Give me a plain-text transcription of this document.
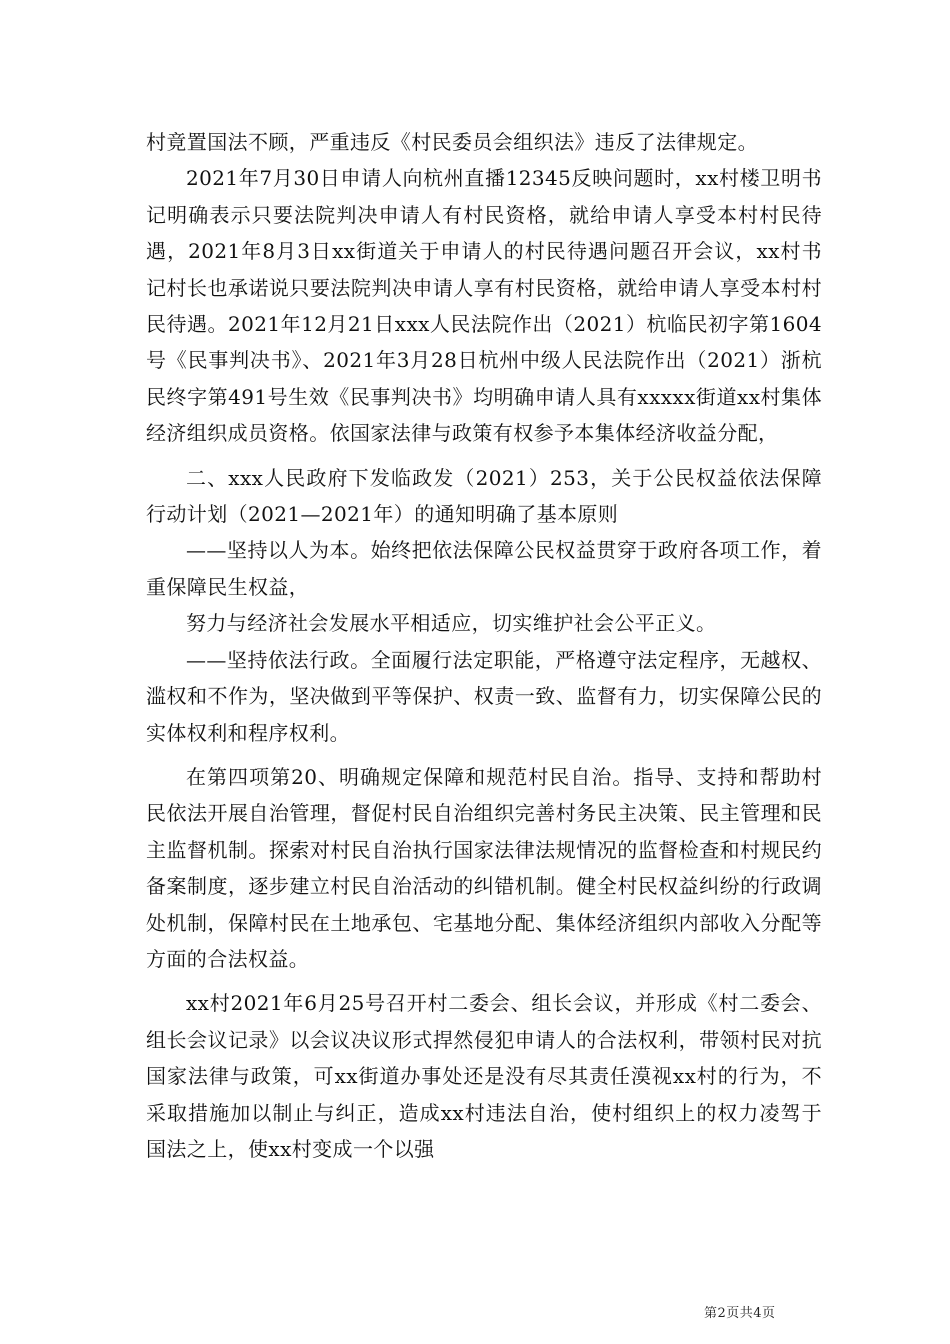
村竟置国法不顾，严重违反《村民委员会组织法》违反了法律规定。

2021年7月30日申请人向杭州直播12345反映问题时，xx村楼卫明书记明确表示只要法院判决申请人有村民资格，就给申请人享受本村村民待遇，2021年8月3日xx街道关于申请人的村民待遇问题召开会议，xx村书记村长也承诺说只要法院判决申请人享有村民资格，就给申请人享受本村村民待遇。2021年12月21日xxx人民法院作出（2021）杭临民初字第1604号《民事判决书》、2021年3月28日杭州中级人民法院作出（2021）浙杭民终字第491号生效《民事判决书》均明确申请人具有xxxxx街道xx村集体经济组织成员资格。依国家法律与政策有权参予本集体经济收益分配，

二、xxx人民政府下发临政发（2021）253，关于公民权益依法保障行动计划（2021—2021年）的通知明确了基本原则

——坚持以人为本。始终把依法保障公民权益贯穿于政府各项工作，着重保障民生权益，

努力与经济社会发展水平相适应，切实维护社会公平正义。

——坚持依法行政。全面履行法定职能，严格遵守法定程序，无越权、滥权和不作为，坚决做到平等保护、权责一致、监督有力，切实保障公民的实体权利和程序权利。

在第四项第20、明确规定保障和规范村民自治。指导、支持和帮助村民依法开展自治管理，督促村民自治组织完善村务民主决策、民主管理和民主监督机制。探索对村民自治执行国家法律法规情况的监督检查和村规民约备案制度，逐步建立村民自治活动的纠错机制。健全村民权益纠纷的行政调处机制，保障村民在土地承包、宅基地分配、集体经济组织内部收入分配等方面的合法权益。

xx村2021年6月25号召开村二委会、组长会议，并形成《村二委会、组长会议记录》以会议决议形式捍然侵犯申请人的合法权利，带领村民对抗国家法律与政策，可xx街道办事处还是没有尽其责任漠视xx村的行为，不采取措施加以制止与纠正，造成xx村违法自治，使村组织上的权力凌驾于国法之上，使xx村变成一个以强

第2页共4页
